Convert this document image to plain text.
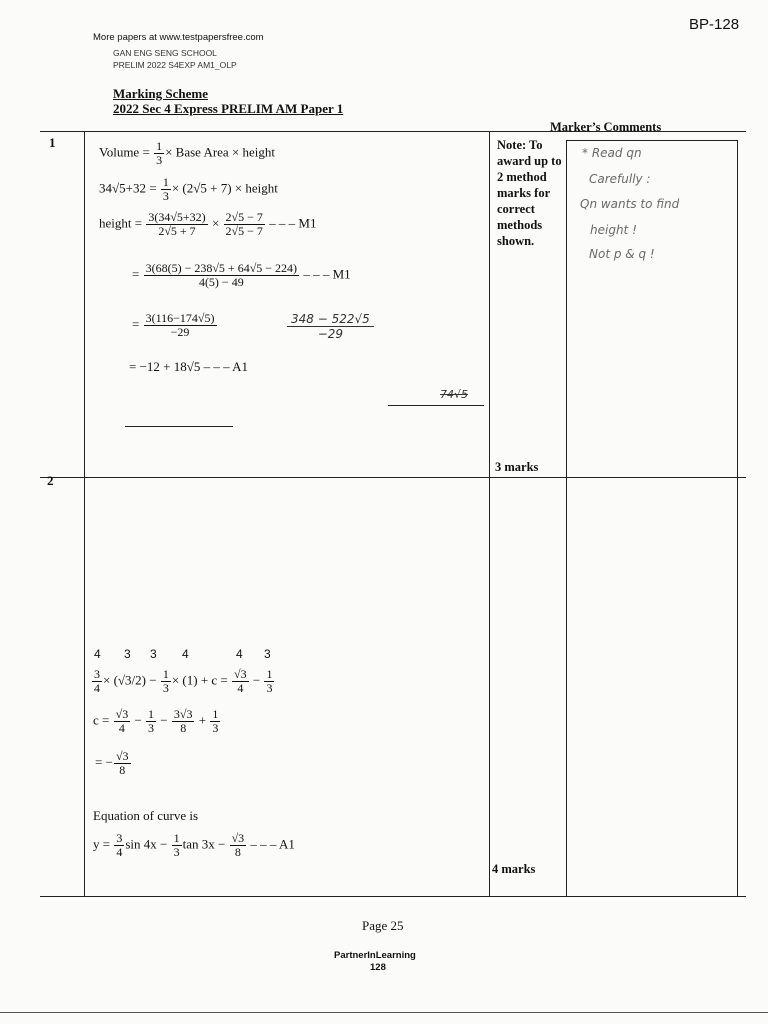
BP-128
More papers at www.testpapersfree.com
GAN ENG SENG SCHOOL
PRELIM 2022 S4EXP AM1_OLP
Marking Scheme
2022 Sec 4 Express PRELIM AM Paper 1
Marker’s Comments
1
Volume = $\frac{1}{3}$ × Base Area × height
$34√5+32 = \frac{1}{3} \times (2√5 + 7)$ × height
height = $\frac{3(34√5+32)}{2√5 + 7} \times \frac{2√5 - 7}{2√5 - 7}$ – – – M1
= $\frac{3(68(5) - 238√5 + 64√5 - 224)}{4(5) - 49}$ – – – M1
= $\frac{3(116-174√5)}{-29}$
= −12 + 18√5 – – – A1
$\frac{348 - 522√5}{-29}$
74√5
Note: To award up to 2 method marks for correct methods shown.
3 marks
* Read qn
Carefully :
Qn wants to find
height !
Not p & q !
2
4 3 3 4	4 3
$\frac{3}{4} \times (√3/2) - \frac{1}{3} \times (1) + c = \frac{√3}{4} - \frac{1}{3}$
$c = \frac{√3}{4} - \frac{1}{3} - \frac{3√3}{8} + \frac{1}{3}$
= − $\frac{√3}{8}$
Equation of curve is
$y = \frac{3}{4}$ $\sin 4x - \frac{1}{3}$ $\tan 3x - \frac{√3}{8}$ – – – A1
4 marks
Page 25
PartnerInLearning
128
